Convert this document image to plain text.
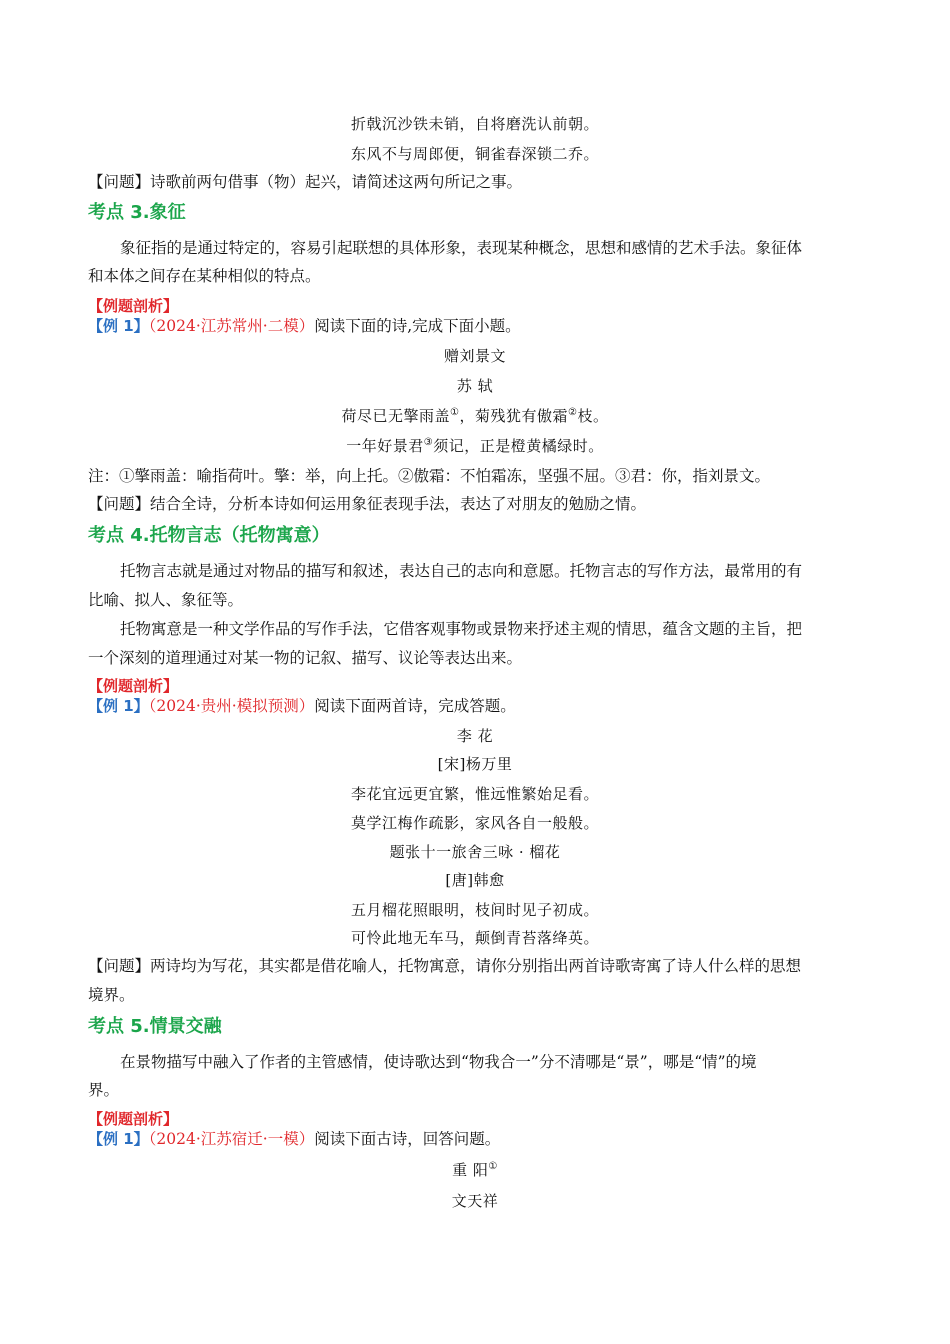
折戟沉沙铁未销，自将磨洗认前朝。
东风不与周郎便，铜雀春深锁二乔。
【问题】诗歌前两句借事（物）起兴，请简述这两句所记之事。
考点 3.象征
象征指的是通过特定的，容易引起联想的具体形象，表现某种概念，思想和感情的艺术手法。象征体
和本体之间存在某种相似的特点。
【例题剖析】
【例 1】（2024·江苏常州·二模）阅读下面的诗,完成下面小题。
赠刘景文
苏 轼
荷尽已无擎雨盖①，菊残犹有傲霜②枝。
一年好景君③须记，正是橙黄橘绿时。
注：①擎雨盖：喻指荷叶。擎：举，向上托。②傲霜：不怕霜冻，坚强不屈。③君：你，指刘景文。
【问题】结合全诗，分析本诗如何运用象征表现手法，表达了对朋友的勉励之情。
考点 4.托物言志（托物寓意）
托物言志就是通过对物品的描写和叙述，表达自己的志向和意愿。托物言志的写作方法，最常用的有
比喻、拟人、象征等。
托物寓意是一种文学作品的写作手法，它借客观事物或景物来抒述主观的情思，蕴含文题的主旨，把
一个深刻的道理通过对某一物的记叙、描写、议论等表达出来。
【例题剖析】
【例 1】（2024·贵州·模拟预测）阅读下面两首诗，完成答题。
李 花
[宋]杨万里
李花宜远更宜繁，惟远惟繁始足看。
莫学江梅作疏影，家风各自一般般。
题张十一旅舍三咏 · 榴花
[唐]韩愈
五月榴花照眼明，枝间时见子初成。
可怜此地无车马，颠倒青苔落绛英。
【问题】两诗均为写花，其实都是借花喻人，托物寓意，请你分别指出两首诗歌寄寓了诗人什么样的思想
境界。
考点 5.情景交融
在景物描写中融入了作者的主管感情，使诗歌达到“物我合一”分不清哪是“景”，哪是“情”的境
界。
【例题剖析】
【例 1】（2024·江苏宿迁·一模）阅读下面古诗，回答问题。
重 阳①
文天祥
